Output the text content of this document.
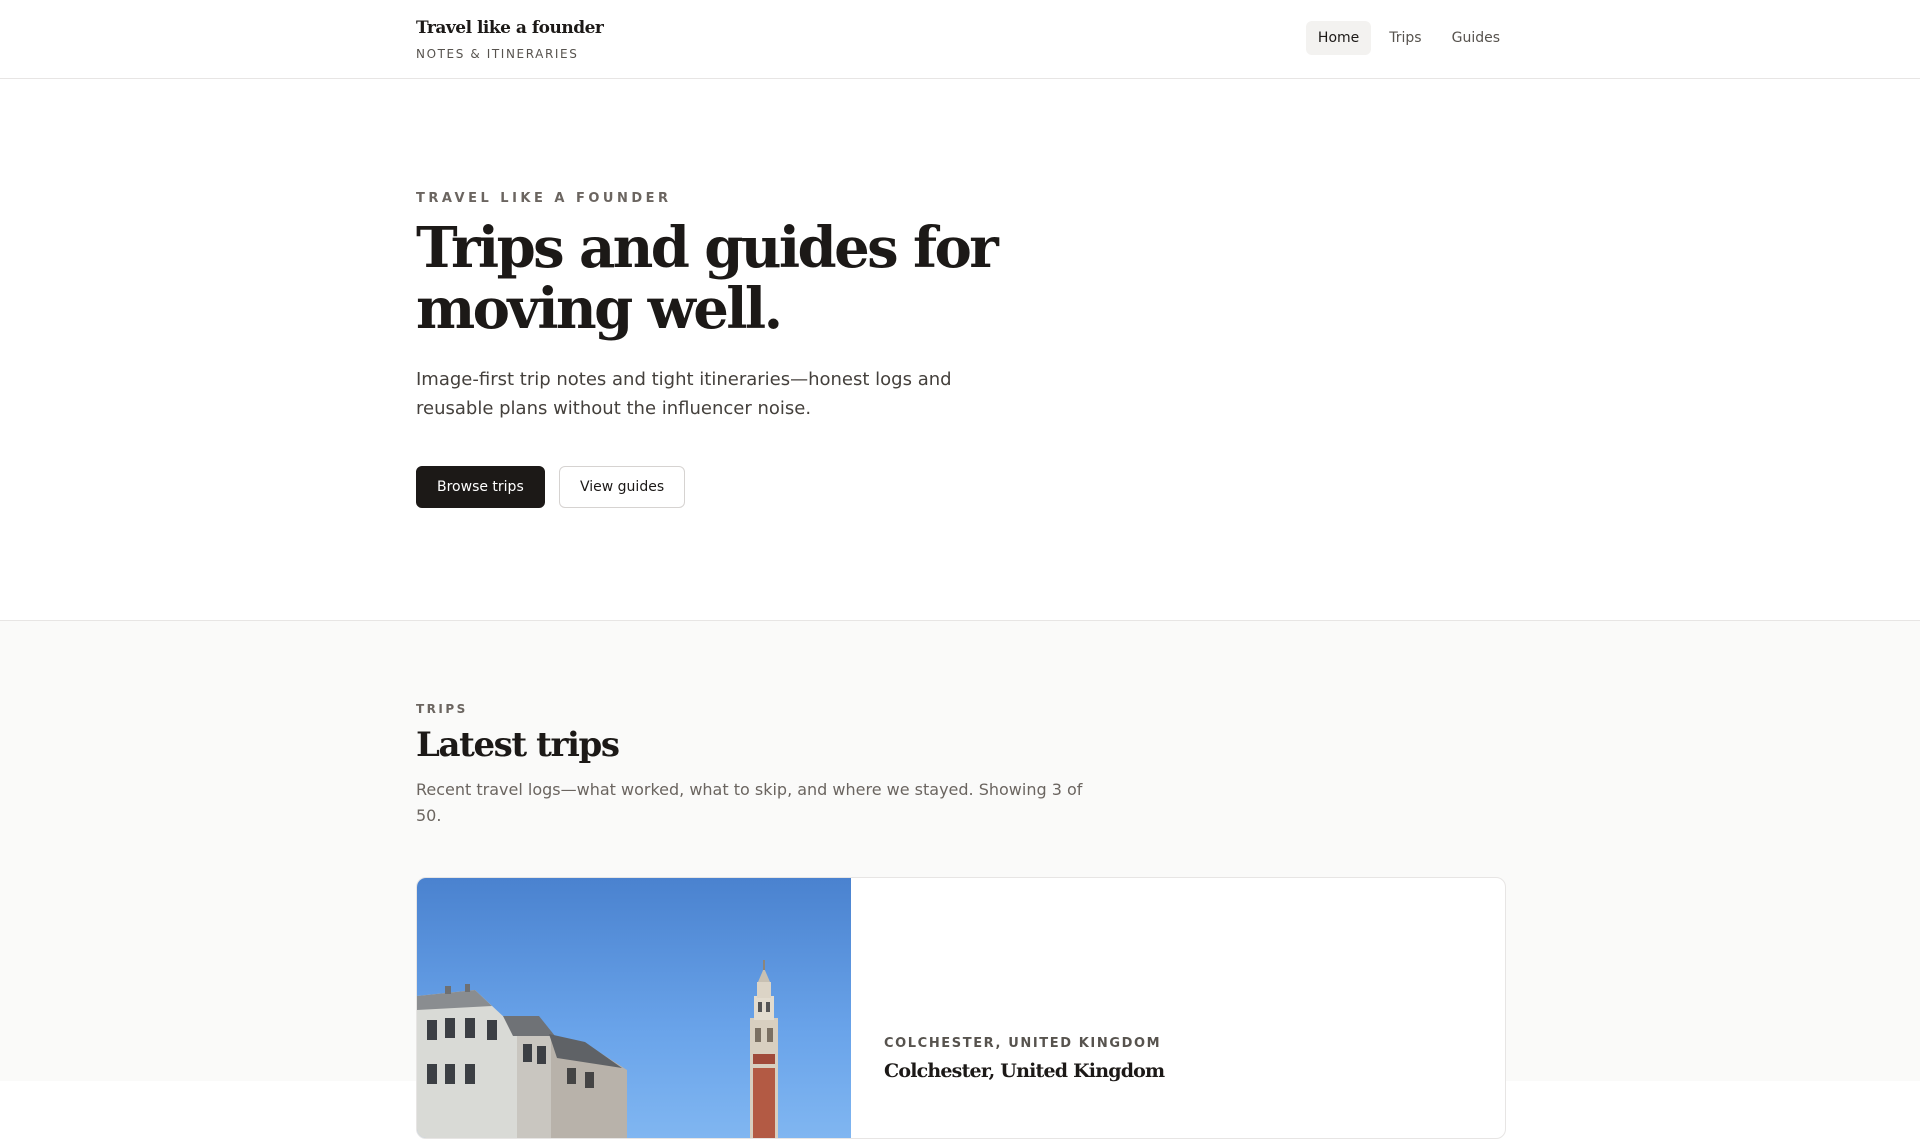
Travel like a founder
NOTES & ITINERARIES
Home	Trips	Guides
TRAVEL LIKE A FOUNDER
Trips and guides for moving well.

Image-first trip notes and tight itineraries—honest logs and reusable plans without the influencer noise.

Browse trips	View guides
TRIPS
Latest trips

Recent travel logs—what worked, what to skip, and where we stayed. Showing 3 of 50.

COLCHESTER, UNITED KINGDOM
Colchester, United Kingdom
